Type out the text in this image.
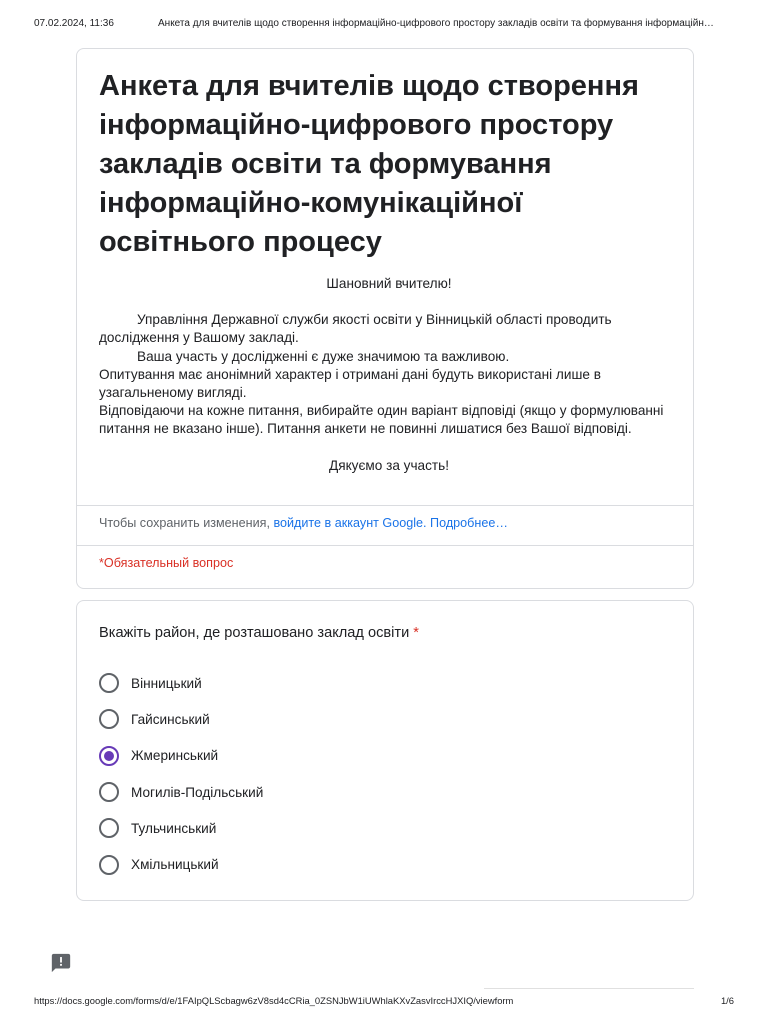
07.02.2024, 11:36	Анкета для вчителів щодо створення інформаційно-цифрового простору закладів освіти та формування інформаційн…
Анкета для вчителів щодо створення інформаційно-цифрового простору закладів освіти та формування інформаційно-комунікаційної освітнього процесу

Шановний вчителю!

Управління Державної служби якості освіти у Вінницькій області проводить дослідження у Вашому закладі.

Ваша участь у дослідженні є дуже значимою та важливою.

Опитування має анонімний характер і отримані дані будуть використані лише в узагальненому вигляді.

Відповідаючи на кожне питання, вибирайте один варіант відповіді (якщо у формулюванні питання не вказано інше). Питання анкети не повинні лишатися без Вашої відповіді.

Дякуємо за участь!

Чтобы сохранить изменения, войдите в аккаунт Google. Подробнее…
*Обязательный вопрос
Вкажіть район, де розташовано заклад освіти *
Вінницький
Гайсинський
Жмеринський
Могилів-Подільський
Тульчинський
Хмільницький
https://docs.google.com/forms/d/e/1FAIpQLScbagw6zV8sd4cCRia_0ZSNJbW1iUWhlaKXvZasvIrccHJXIQ/viewform	1/6
